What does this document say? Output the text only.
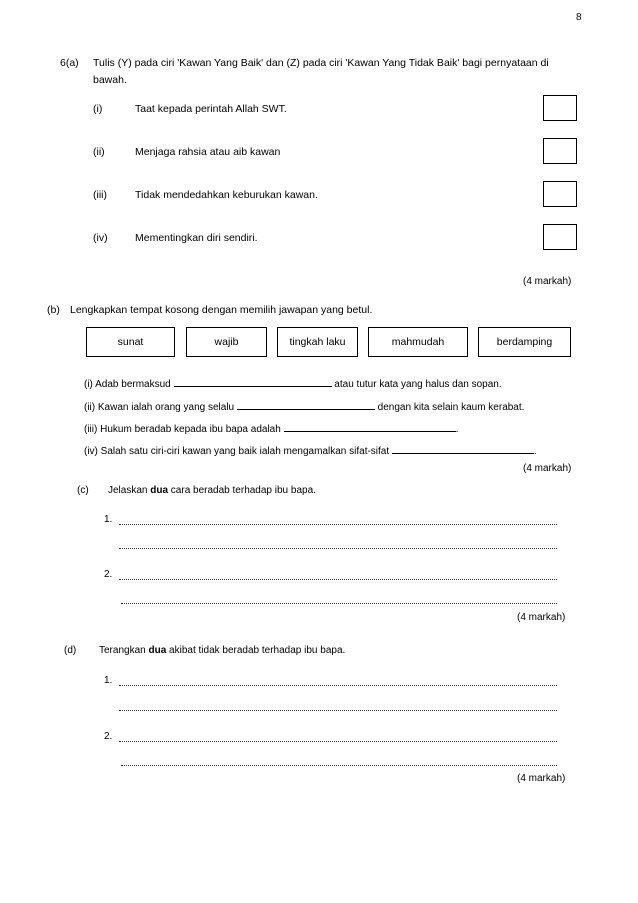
8
6(a) Tulis (Y) pada ciri 'Kawan Yang Baik' dan (Z) pada ciri 'Kawan Yang Tidak Baik' bagi pernyataan di
bawah.
(i)	Taat kepada perintah Allah SWT.
(ii)	Menjaga rahsia atau aib kawan
(iii)	Tidak mendedahkan keburukan kawan.
(iv)	Mementingkan diri sendiri.
(4 markah)
(b) Lengkapkan tempat kosong dengan memilih jawapan yang betul.
sunat	wajib	tingkah laku	mahmudah	berdamping
(i) Adab bermaksud	atau tutur kata yang halus dan sopan.
(ii) Kawan ialah orang yang selalu	dengan kita selain kaum kerabat.
(iii) Hukum beradab kepada ibu bapa adalah	.
(iv) Salah satu ciri-ciri kawan yang baik ialah mengamalkan sifat-sifat	.
(4 markah)
(c) Jelaskan dua cara beradab terhadap ibu bapa.
1.
2.
(4 markah)
(d) Terangkan dua akibat tidak beradab terhadap ibu bapa.
1.
2.
(4 markah)
